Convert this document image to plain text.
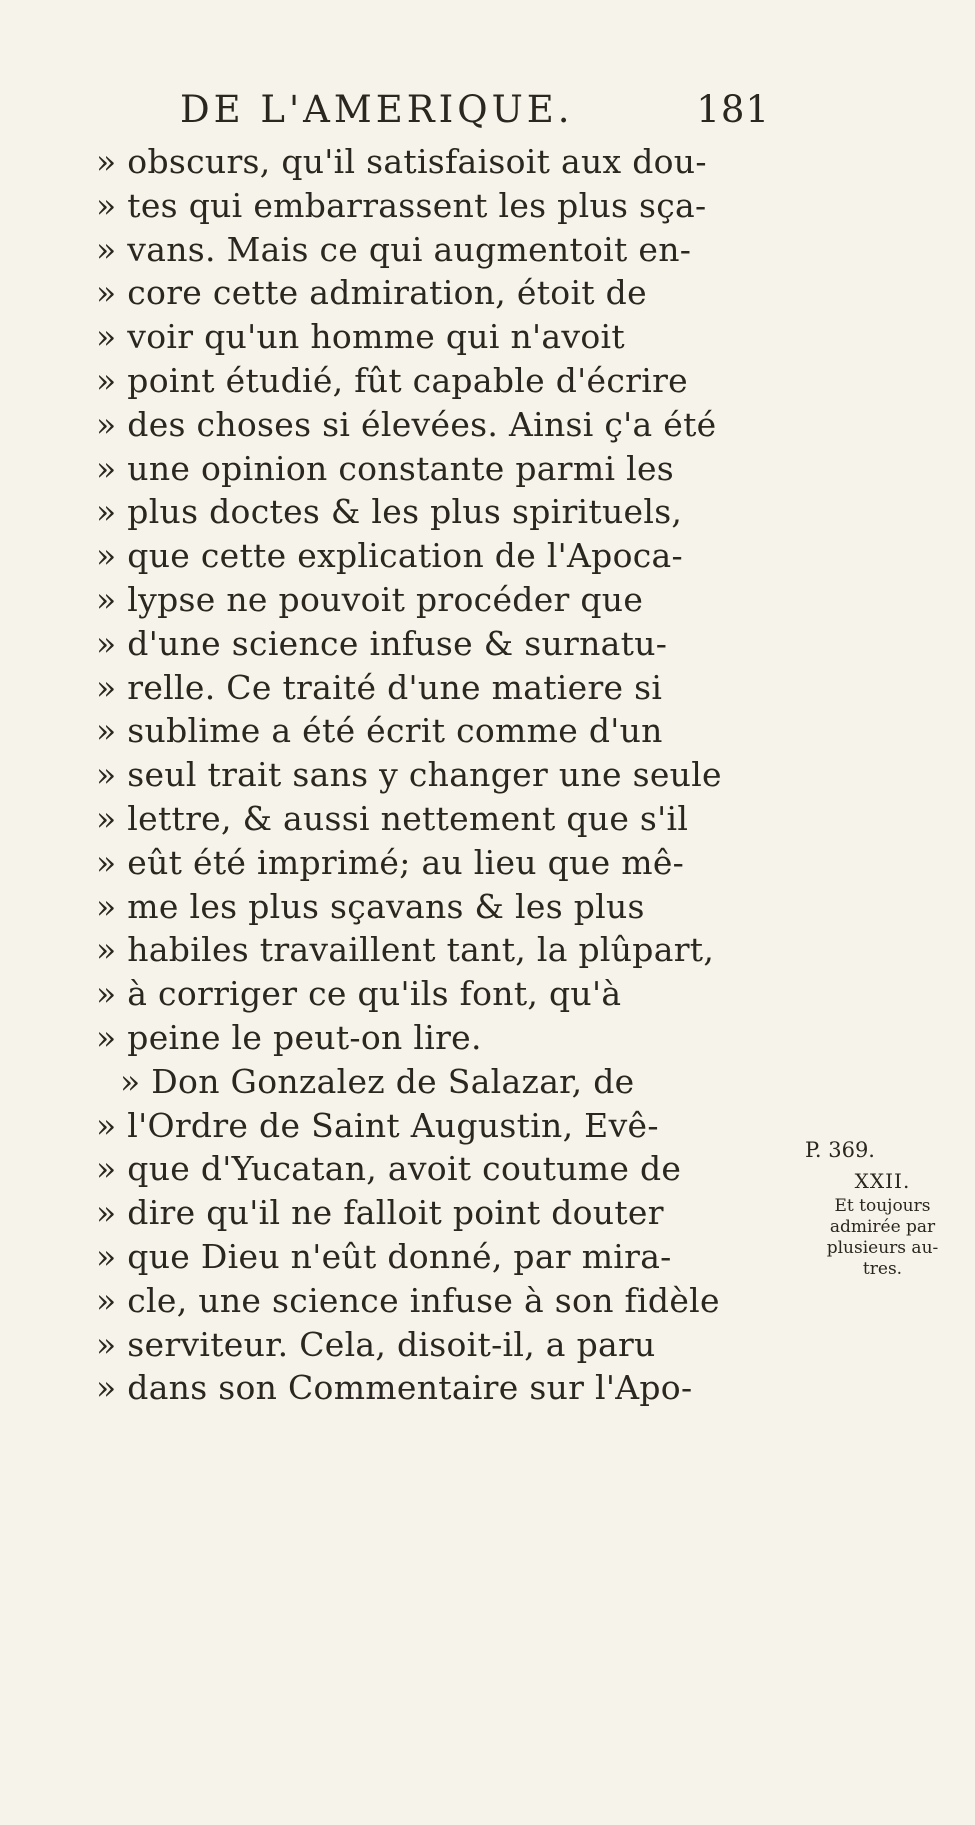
DE L'AMERIQUE.	181
» obscurs, qu'il satisfaisoit aux dou-
» tes qui embarrassent les plus sça-
» vans. Mais ce qui augmentoit en-
» core cette admiration, étoit de
» voir qu'un homme qui n'avoit
» point étudié, fût capable d'écrire
» des choses si élevées. Ainsi ç'a été
» une opinion constante parmi les
» plus doctes & les plus spirituels,
» que cette explication de l'Apoca-
» lypse ne pouvoit procéder que
» d'une science infuse & surnatu-
» relle. Ce traité d'une matiere si
» sublime a été écrit comme d'un
» seul trait sans y changer une seule
» lettre, & aussi nettement que s'il
» eût été imprimé; au lieu que mê-
» me les plus sçavans & les plus
» habiles travaillent tant, la plûpart,
» à corriger ce qu'ils font, qu'à
» peine le peut-on lire.
» Don Gonzalez de Salazar, de
» l'Ordre de Saint Augustin, Evê-
» que d'Yucatan, avoit coutume de
» dire qu'il ne falloit point douter
» que Dieu n'eût donné, par mira-
» cle, une science infuse à son fidèle
» serviteur. Cela, disoit-il, a paru
» dans son Commentaire sur l'Apo-
P. 369.
XXII.
Et toujours
admirée par
plusieurs au-
tres.
